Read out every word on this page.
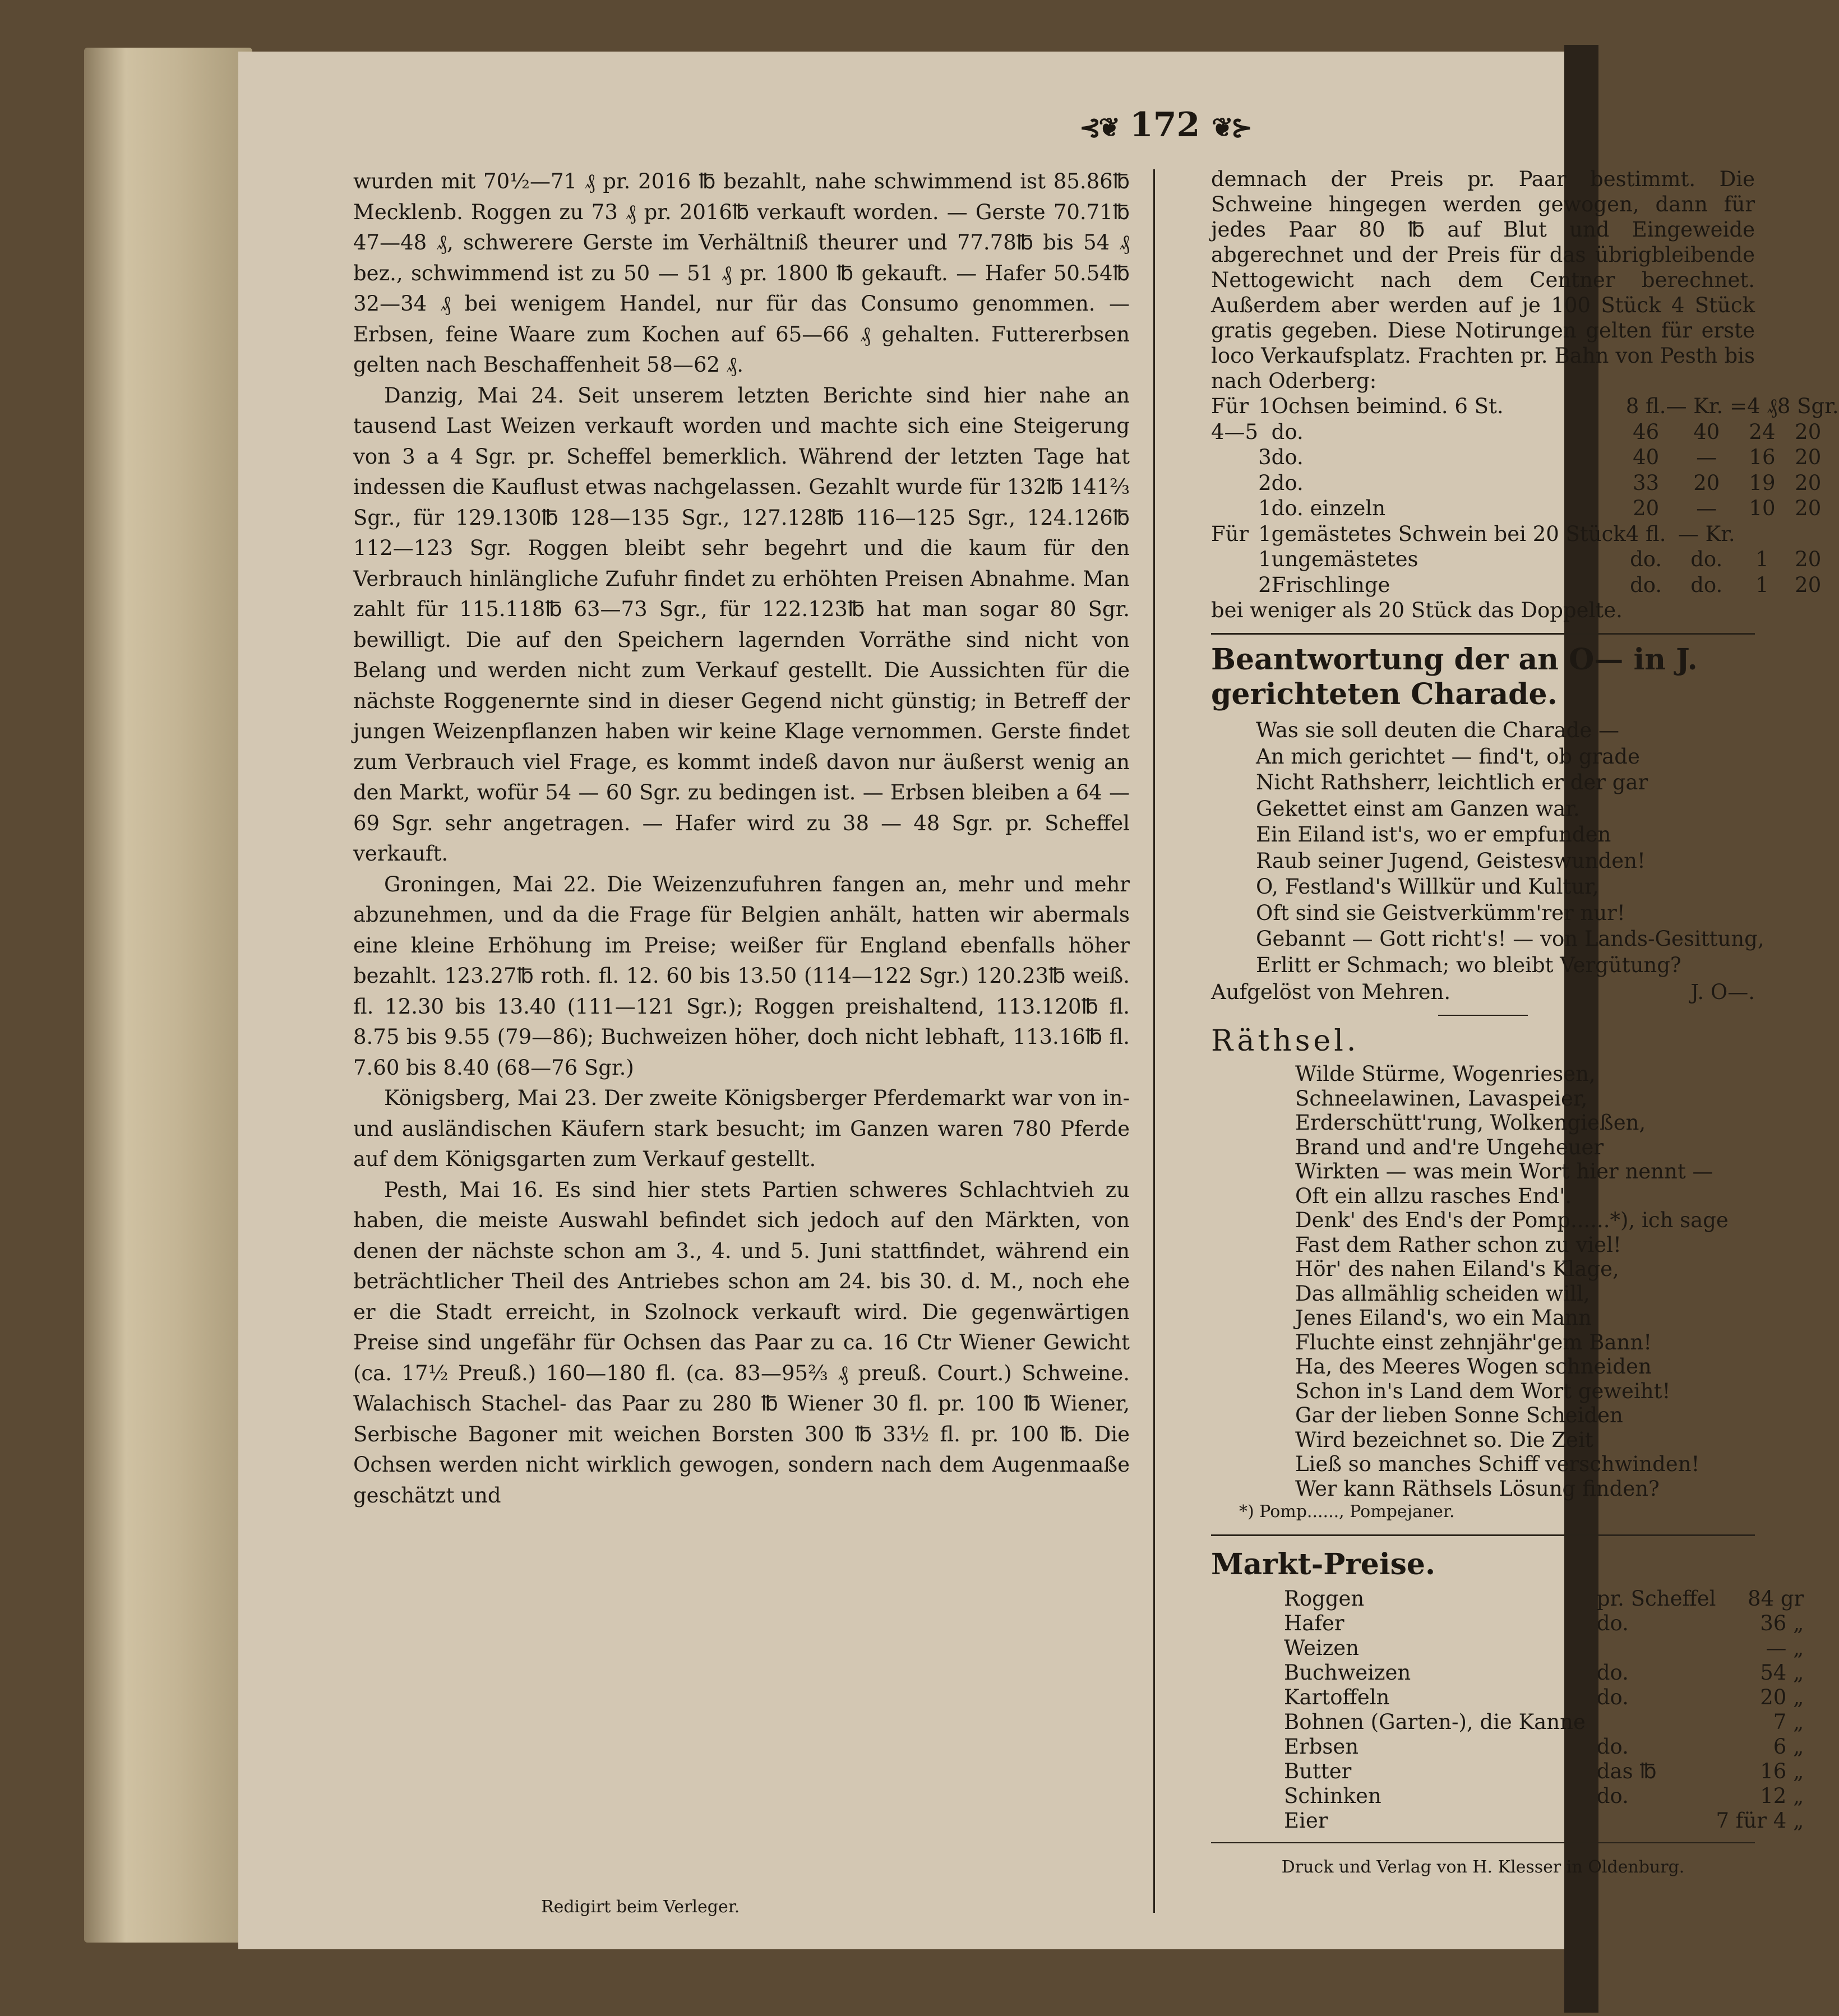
⊰❦ 172 ❦⊱

wurden mit 70½—71 ₰ pr. 2016 ℔ bezahlt, nahe schwimmend ist 85.86℔ Mecklenb. Roggen zu 73 ₰ pr. 2016℔ verkauft worden. — Gerste 70.71℔ 47—48 ₰, schwerere Gerste im Verhältniß theurer und 77.78℔ bis 54 ₰ bez., schwimmend ist zu 50 — 51 ₰ pr. 1800 ℔ gekauft. — Hafer 50.54℔ 32—34 ₰ bei wenigem Handel, nur für das Consumo genommen. — Erbsen, feine Waare zum Kochen auf 65—66 ₰ gehalten. Futtererbsen gelten nach Beschaffenheit 58—62 ₰.

Danzig, Mai 24. Seit unserem letzten Berichte sind hier nahe an tausend Last Weizen verkauft worden und machte sich eine Steigerung von 3 a 4 Sgr. pr. Scheffel bemerklich. Während der letzten Tage hat indessen die Kauflust etwas nachgelassen. Gezahlt wurde für 132℔ 141⅔ Sgr., für 129.130℔ 128—135 Sgr., 127.128℔ 116—125 Sgr., 124.126℔ 112—123 Sgr. Roggen bleibt sehr begehrt und die kaum für den Verbrauch hinlängliche Zufuhr findet zu erhöhten Preisen Abnahme. Man zahlt für 115.118℔ 63—73 Sgr., für 122.123℔ hat man sogar 80 Sgr. bewilligt. Die auf den Speichern lagernden Vorräthe sind nicht von Belang und werden nicht zum Verkauf gestellt. Die Aussichten für die nächste Roggenernte sind in dieser Gegend nicht günstig; in Betreff der jungen Weizenpflanzen haben wir keine Klage vernommen. Gerste findet zum Verbrauch viel Frage, es kommt indeß davon nur äußerst wenig an den Markt, wofür 54 — 60 Sgr. zu bedingen ist. — Erbsen bleiben a 64 — 69 Sgr. sehr angetragen. — Hafer wird zu 38 — 48 Sgr. pr. Scheffel verkauft.

Groningen, Mai 22. Die Weizenzufuhren fangen an, mehr und mehr abzunehmen, und da die Frage für Belgien anhält, hatten wir abermals eine kleine Erhöhung im Preise; weißer für England ebenfalls höher bezahlt. 123.27℔ roth. fl. 12. 60 bis 13.50 (114—122 Sgr.) 120.23℔ weiß. fl. 12.30 bis 13.40 (111—121 Sgr.); Roggen preishaltend, 113.120℔ fl. 8.75 bis 9.55 (79—86); Buchweizen höher, doch nicht lebhaft, 113.16℔ fl. 7.60 bis 8.40 (68—76 Sgr.)

Königsberg, Mai 23. Der zweite Königsberger Pferdemarkt war von in- und ausländischen Käufern stark besucht; im Ganzen waren 780 Pferde auf dem Königsgarten zum Verkauf gestellt.

Pesth, Mai 16. Es sind hier stets Partien schweres Schlachtvieh zu haben, die meiste Auswahl befindet sich jedoch auf den Märkten, von denen der nächste schon am 3., 4. und 5. Juni stattfindet, während ein beträchtlicher Theil des Antriebes schon am 24. bis 30. d. M., noch ehe er die Stadt erreicht, in Szolnock verkauft wird. Die gegenwärtigen Preise sind ungefähr für Ochsen das Paar zu ca. 16 Ctr Wiener Gewicht (ca. 17½ Preuß.) 160—180 fl. (ca. 83—95⅔ ₰ preuß. Court.) Schweine. Walachisch Stachel- das Paar zu 280 ℔ Wiener 30 fl. pr. 100 ℔ Wiener, Serbische Bagoner mit weichen Borsten 300 ℔ 33½ fl. pr. 100 ℔. Die Ochsen werden nicht wirklich gewogen, sondern nach dem Augenmaaße geschätzt und

Redigirt beim Verleger.

demnach der Preis pr. Paar bestimmt. Die Schweine hingegen werden gewogen, dann für jedes Paar 80 ℔ auf Blut und Eingeweide abgerechnet und der Preis für das übrigbleibende Nettogewicht nach dem Centner berechnet. Außerdem aber werden auf je 100 Stück 4 Stück gratis gegeben. Diese Notirungen gelten für erste loco Verkaufsplatz. Frachten pr. Bahn von Pesth bis nach Oderberg:

Für	1	Ochsen beimind. 6 St.	8 fl.	— Kr. =	4 ₰	8 Sgr.
4—5		do.	46	40	24	20
	3	do.	40	—	16	20
	2	do.	33	20	19	20
	1	do. einzeln	20	—	10	20
Für	1	gemästetes Schwein bei 20 Stück	4 fl.	— Kr.		
	1	ungemästetes	do.	do.	1	20
	2	Frischlinge	do.	do.	1	20

bei weniger als 20 Stück das Doppelte.

Beantwortung der an O— in J.

gerichteten Charade.

Was sie soll deuten die Charade —
An mich gerichtet — find't, ob grade
Nicht Rathsherr, leichtlich er der gar
Gekettet einst am Ganzen war.
Ein Eiland ist's, wo er empfunden
Raub seiner Jugend, Geisteswunden!
O, Festland's Willkür und Kultur,
Oft sind sie Geistverkümm'rer nur!
Gebannt — Gott richt's! — von Lands-Gesittung,
Erlitt er Schmach; wo bleibt Vergütung?
Aufgelöst von Mehren.	J. O—.

Räthsel.

Wilde Stürme, Wogenriesen,
Schneelawinen, Lavaspeier,
Erderschütt'rung, Wolkengießen,
Brand und and're Ungeheuer
Wirkten — was mein Wort hier nennt —
Oft ein allzu rasches End'.
Denk' des End's der Pomp......*), ich sage
Fast dem Rather schon zu viel!
Hör' des nahen Eiland's Klage,
Das allmählig scheiden will,
Jenes Eiland's, wo ein Mann
Fluchte einst zehnjähr'gem Bann!
Ha, des Meeres Wogen schneiden
Schon in's Land dem Wort geweiht!
Gar der lieben Sonne Scheiden
Wird bezeichnet so. Die Zeit
Ließ so manches Schiff verschwinden!
Wer kann Räthsels Lösung finden?
*) Pomp......, Pompejaner.

Markt-Preise.

Roggen	pr. Scheffel	84 gr
Hafer	do.	36 „
Weizen		— „
Buchweizen	do.	54 „
Kartoffeln	do.	20 „
Bohnen (Garten-), die Kanne		7 „
Erbsen	do.	6 „
Butter	das ℔	16 „
Schinken	do.	12 „
Eier		7 für 4 „
Druck und Verlag von H. Klesser in Oldenburg.
